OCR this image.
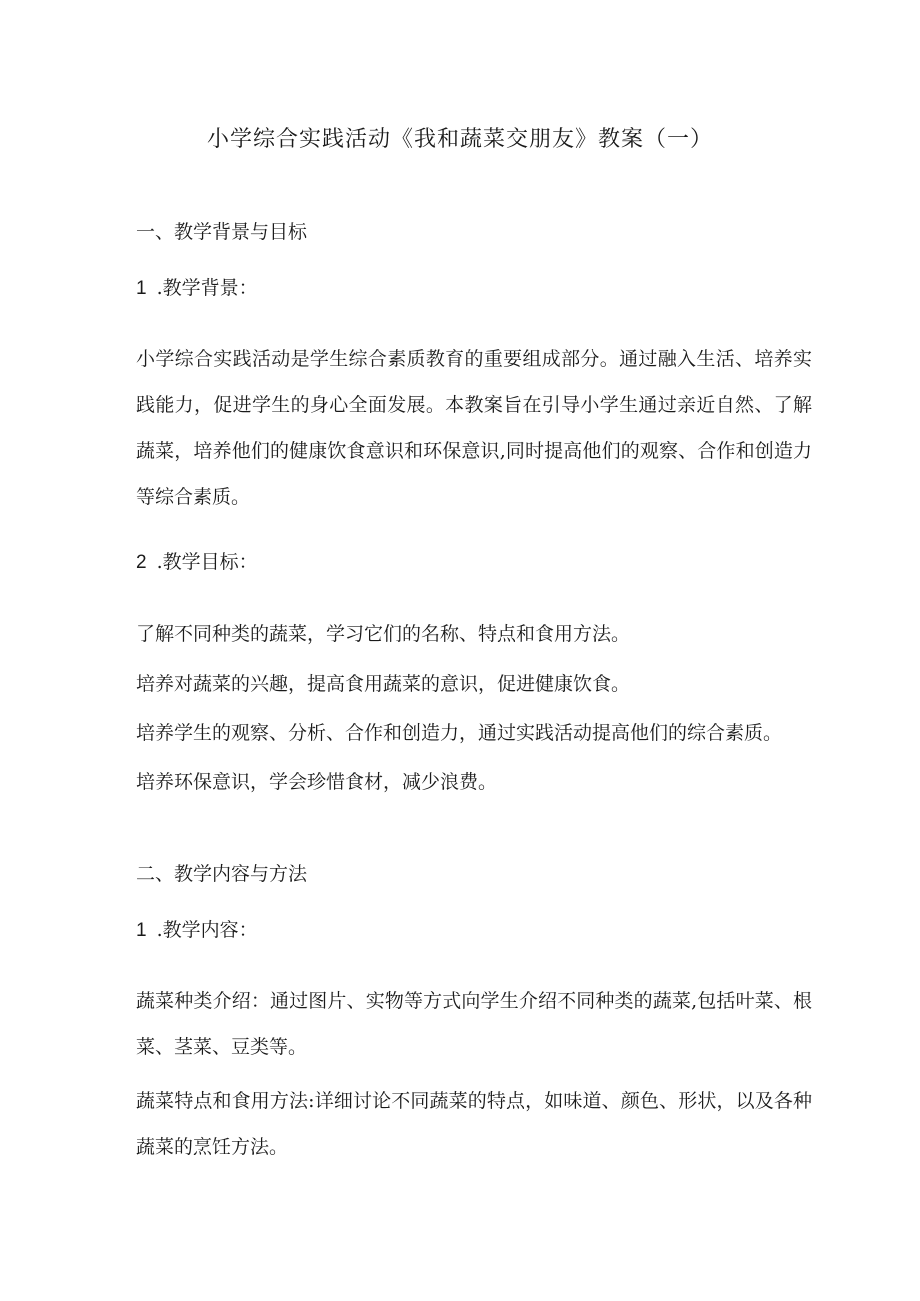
小学综合实践活动《我和蔬菜交朋友》教案（一）
一、教学背景与目标
1 .教学背景：
小学综合实践活动是学生综合素质教育的重要组成部分。通过融入生活、培养实践能力，促进学生的身心全面发展。本教案旨在引导小学生通过亲近自然、了解蔬菜，培养他们的健康饮食意识和环保意识,同时提高他们的观察、合作和创造力等综合素质。
2 .教学目标：
了解不同种类的蔬菜，学习它们的名称、特点和食用方法。
培养对蔬菜的兴趣，提高食用蔬菜的意识，促进健康饮食。
培养学生的观察、分析、合作和创造力，通过实践活动提高他们的综合素质。
培养环保意识，学会珍惜食材，减少浪费。
二、教学内容与方法
1 .教学内容：
蔬菜种类介绍：通过图片、实物等方式向学生介绍不同种类的蔬菜,包括叶菜、根菜、茎菜、豆类等。
蔬菜特点和食用方法:详细讨论不同蔬菜的特点，如味道、颜色、形状，以及各种蔬菜的烹饪方法。
